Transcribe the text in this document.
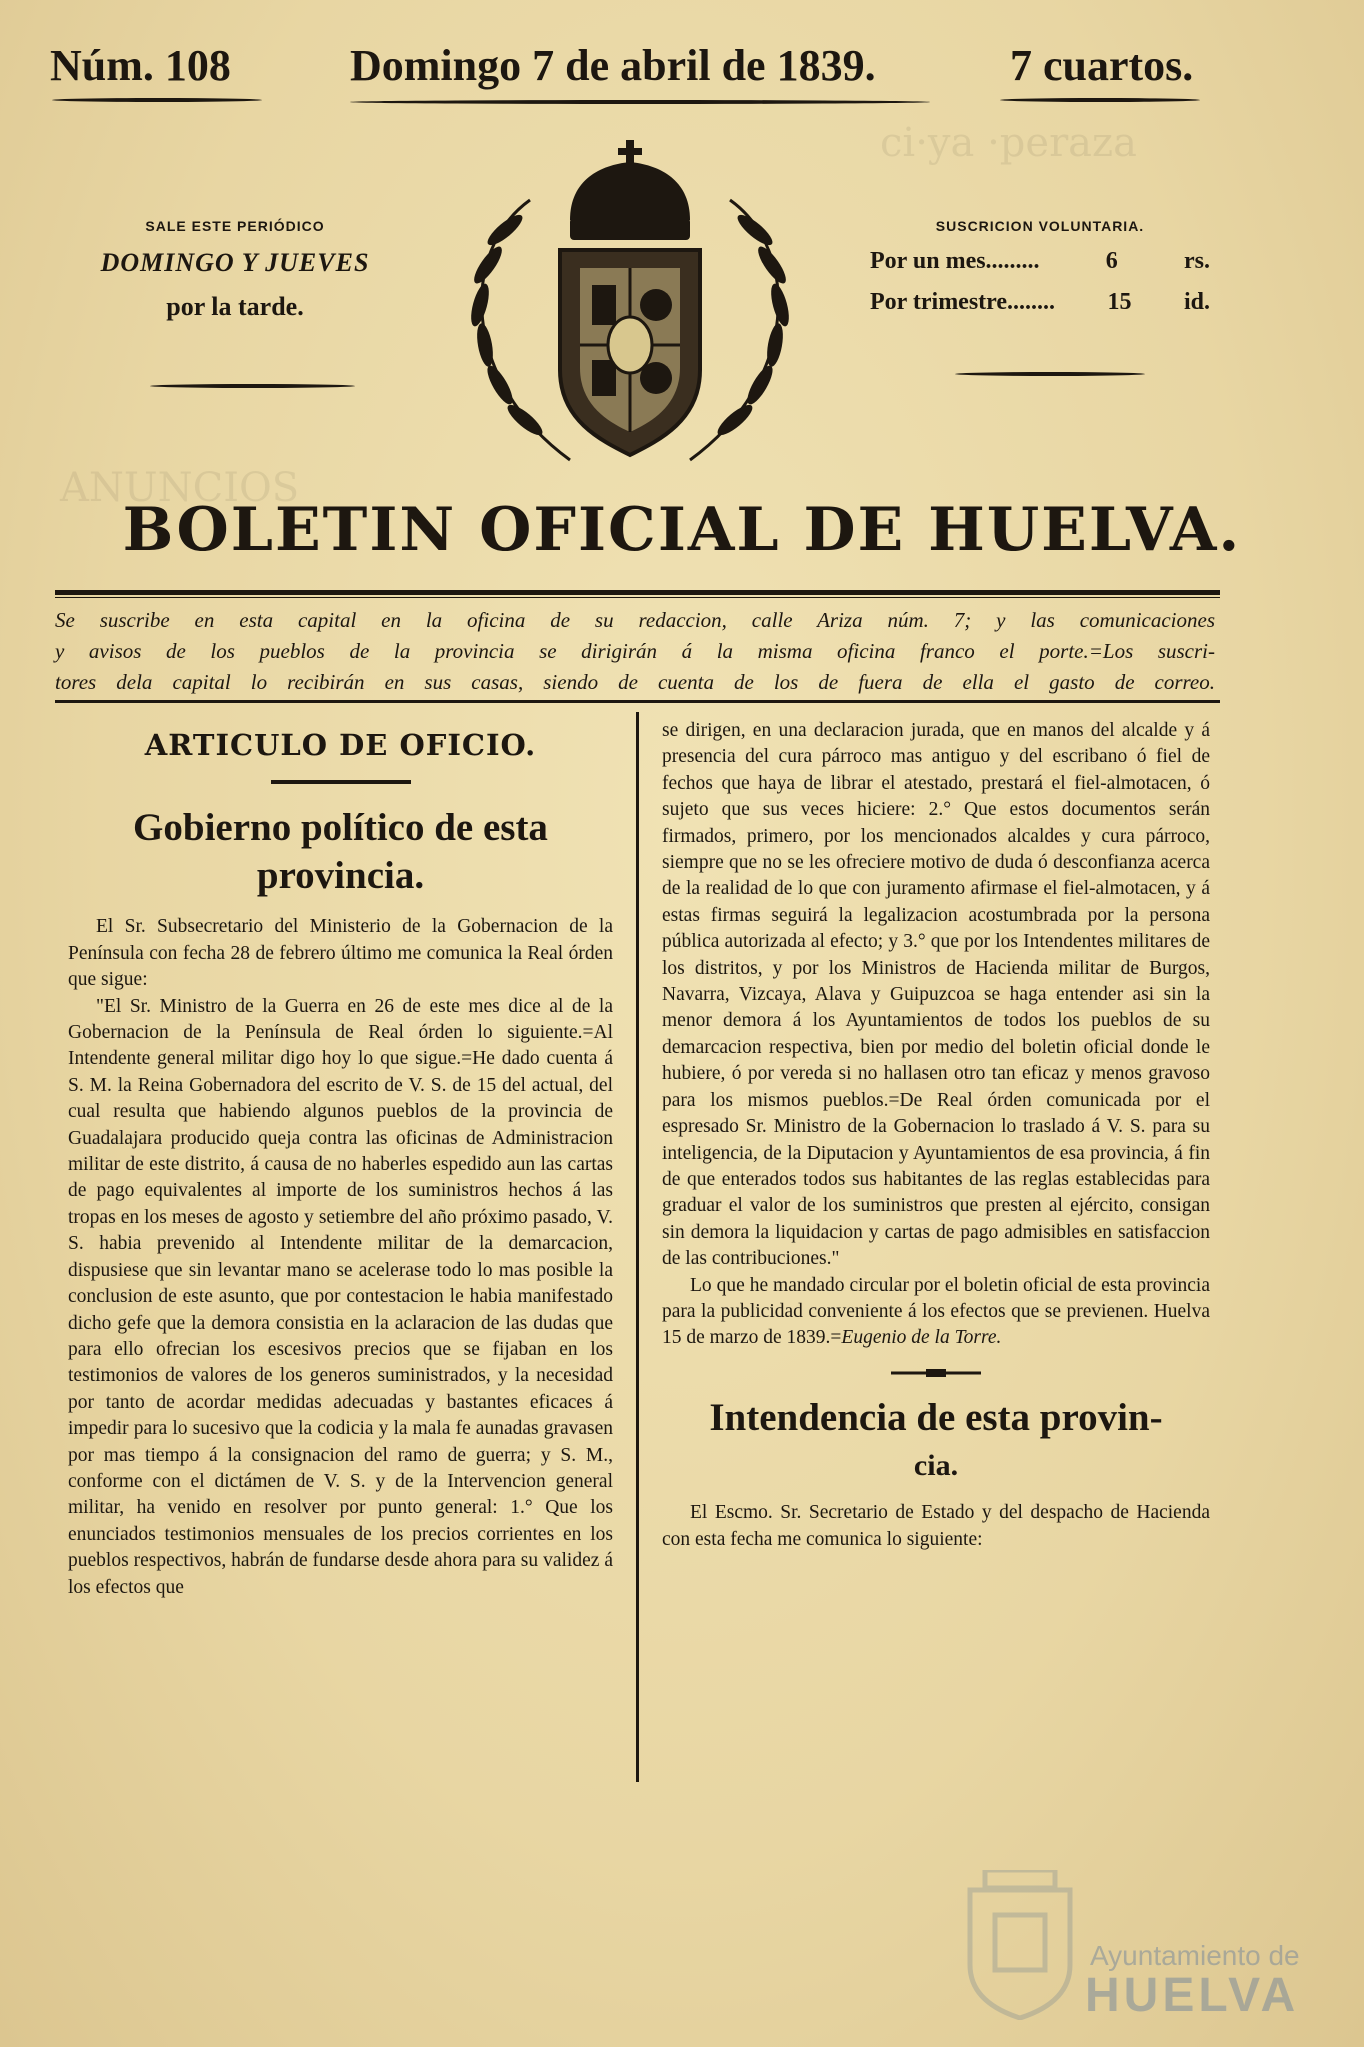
ci·ya ·peraza
ANUNCIOS
Núm. 108	Domingo 7 de abril de 1839.	7 cuartos.
SALE ESTE PERIÓDICO
DOMINGO Y JUEVES
por la tarde.
SUSCRICION VOLUNTARIA.
Por un mes.........	6	rs.
Por trimestre........ 15 id.
BOLETIN OFICIAL DE HUELVA.
Se suscribe en esta capital en la oficina de su redaccion, calle Ariza núm. 7; y las comunicaciones
y avisos de los pueblos de la provincia se dirigirán á la misma oficina franco el porte.=Los suscri-
tores dela capital lo recibirán en sus casas, siendo de cuenta de los de fuera de ella el gasto de correo.
ARTICULO DE OFICIO.
Gobierno político de esta
provincia.

El Sr. Subsecretario del Ministerio de la Gobernacion de la Península con fecha 28 de febrero último me comunica la Real órden que sigue:

"El Sr. Ministro de la Guerra en 26 de este mes dice al de la Gobernacion de la Península de Real órden lo siguiente.=Al Intendente general militar digo hoy lo que sigue.=He dado cuenta á S. M. la Reina Gobernadora del escrito de V. S. de 15 del actual, del cual resulta que habiendo algunos pueblos de la provincia de Guadalajara producido queja contra las oficinas de Administracion militar de este distrito, á causa de no haberles espedido aun las cartas de pago equivalentes al importe de los suministros hechos á las tropas en los meses de agosto y setiembre del año próximo pasado, V. S. habia prevenido al Intendente militar de la demarcacion, dispusiese que sin levantar mano se acelerase todo lo mas posible la conclusion de este asunto, que por contestacion le habia manifestado dicho gefe que la demora consistia en la aclaracion de las dudas que para ello ofrecian los escesivos precios que se fijaban en los testimonios de valores de los generos suministrados, y la necesidad por tanto de acordar medidas adecuadas y bastantes eficaces á impedir para lo sucesivo que la codicia y la mala fe aunadas gravasen por mas tiempo á la consignacion del ramo de guerra; y S. M., conforme con el dictámen de V. S. y de la Intervencion general militar, ha venido en resolver por punto general: 1.° Que los enunciados testimonios mensuales de los precios corrientes en los pueblos respectivos, habrán de fundarse desde ahora para su validez á los efectos que

se dirigen, en una declaracion jurada, que en manos del alcalde y á presencia del cura párroco mas antiguo y del escribano ó fiel de fechos que haya de librar el atestado, prestará el fiel-almotacen, ó sujeto que sus veces hiciere: 2.° Que estos documentos serán firmados, primero, por los mencionados alcaldes y cura párroco, siempre que no se les ofreciere motivo de duda ó desconfianza acerca de la realidad de lo que con juramento afirmase el fiel-almotacen, y á estas firmas seguirá la legalizacion acostumbrada por la persona pública autorizada al efecto; y 3.° que por los Intendentes militares de los distritos, y por los Ministros de Hacienda militar de Burgos, Navarra, Vizcaya, Alava y Guipuzcoa se haga entender asi sin la menor demora á los Ayuntamientos de todos los pueblos de su demarcacion respectiva, bien por medio del boletin oficial donde le hubiere, ó por vereda si no hallasen otro tan eficaz y menos gravoso para los mismos pueblos.=De Real órden comunicada por el espresado Sr. Ministro de la Gobernacion lo traslado á V. S. para su inteligencia, de la Diputacion y Ayuntamientos de esa provincia, á fin de que enterados todos sus habitantes de las reglas establecidas para graduar el valor de los suministros que presten al ejército, consigan sin demora la liquidacion y cartas de pago admisibles en satisfaccion de las contribuciones."

Lo que he mandado circular por el boletin oficial de esta provincia para la publicidad conveniente á los efectos que se previenen. Huelva 15 de marzo de 1839.=Eugenio de la Torre.

Intendencia de esta provin-
cia.

El Escmo. Sr. Secretario de Estado y del despacho de Hacienda con esta fecha me comunica lo siguiente:

Ayuntamiento de
HUELVA
